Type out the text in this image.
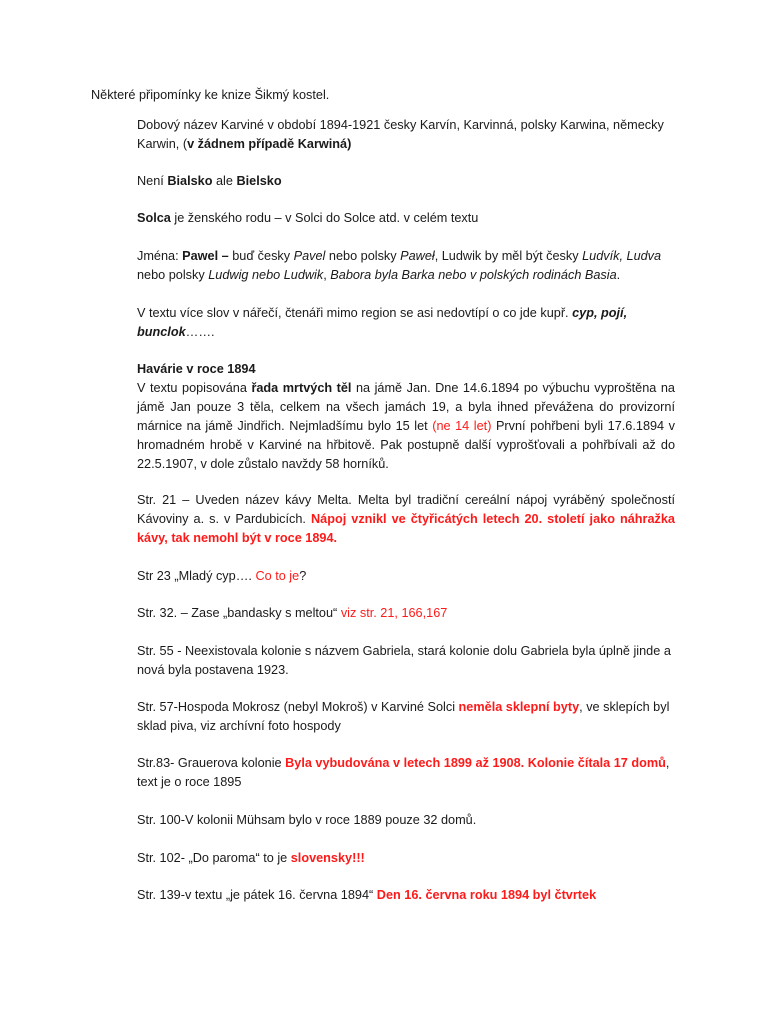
Některé připomínky ke knize Šikmý kostel.

Dobový název Karviné v období 1894-1921 česky Karvín, Karvinná, polsky Karwina, německy Karwin, (v žádnem případě Karwiná)

Není Bialsko ale Bielsko

Solca je ženského rodu – v Solci do Solce atd. v celém textu

Jména: Pawel – buď česky Pavel nebo polsky Paweł, Ludwik by měl být česky Ludvík, Ludva nebo polsky Ludwig nebo Ludwik, Babora byla Barka nebo v polských rodinách Basia.

V textu více slov v nářečí, čtenáři mimo region se asi nedovtípí o co jde kupř. cyp, pojí, bunclok…….

Havárie v roce 1894
V textu popisována řada mrtvých těl na jámě Jan. Dne 14.6.1894 po výbuchu vyproštěna na jámě Jan pouze 3 těla, celkem na všech jamách 19, a byla ihned převážena do provizorní márnice na jámě Jindřich. Nejmladšímu bylo 15 let (ne 14 let) První pohřbeni byli 17.6.1894 v hromadném hrobě v Karviné na hřbitově. Pak postupně další vyprošťovali a pohřbívali až do 22.5.1907, v dole zůstalo navždy 58 horníků.

Str. 21 – Uveden název kávy Melta. Melta byl tradiční cereální nápoj vyráběný společností Kávoviny a. s. v Pardubicích. Nápoj vznikl ve čtyřicátých letech 20. století jako náhražka kávy, tak nemohl být v roce 1894.

Str 23 „Mladý cyp…. Co to je?

Str. 32. – Zase „bandasky s meltou“ viz str. 21, 166,167

Str. 55 - Neexistovala kolonie s názvem Gabriela, stará kolonie dolu Gabriela byla úplně jinde a nová byla postavena 1923.

Str. 57-Hospoda Mokrosz (nebyl Mokroš) v Karviné Solci neměla sklepní byty, ve sklepích byl sklad piva, viz archívní foto hospody

Str.83- Grauerova kolonie Byla vybudována v letech 1899 až 1908. Kolonie čítala 17 domů, text je o roce 1895

Str. 100-V kolonii Mühsam bylo v roce 1889 pouze 32 domů.

Str. 102- „Do paroma“ to je slovensky!!!

Str. 139-v textu „je pátek 16. června 1894“ Den 16. června roku 1894 byl čtvrtek
